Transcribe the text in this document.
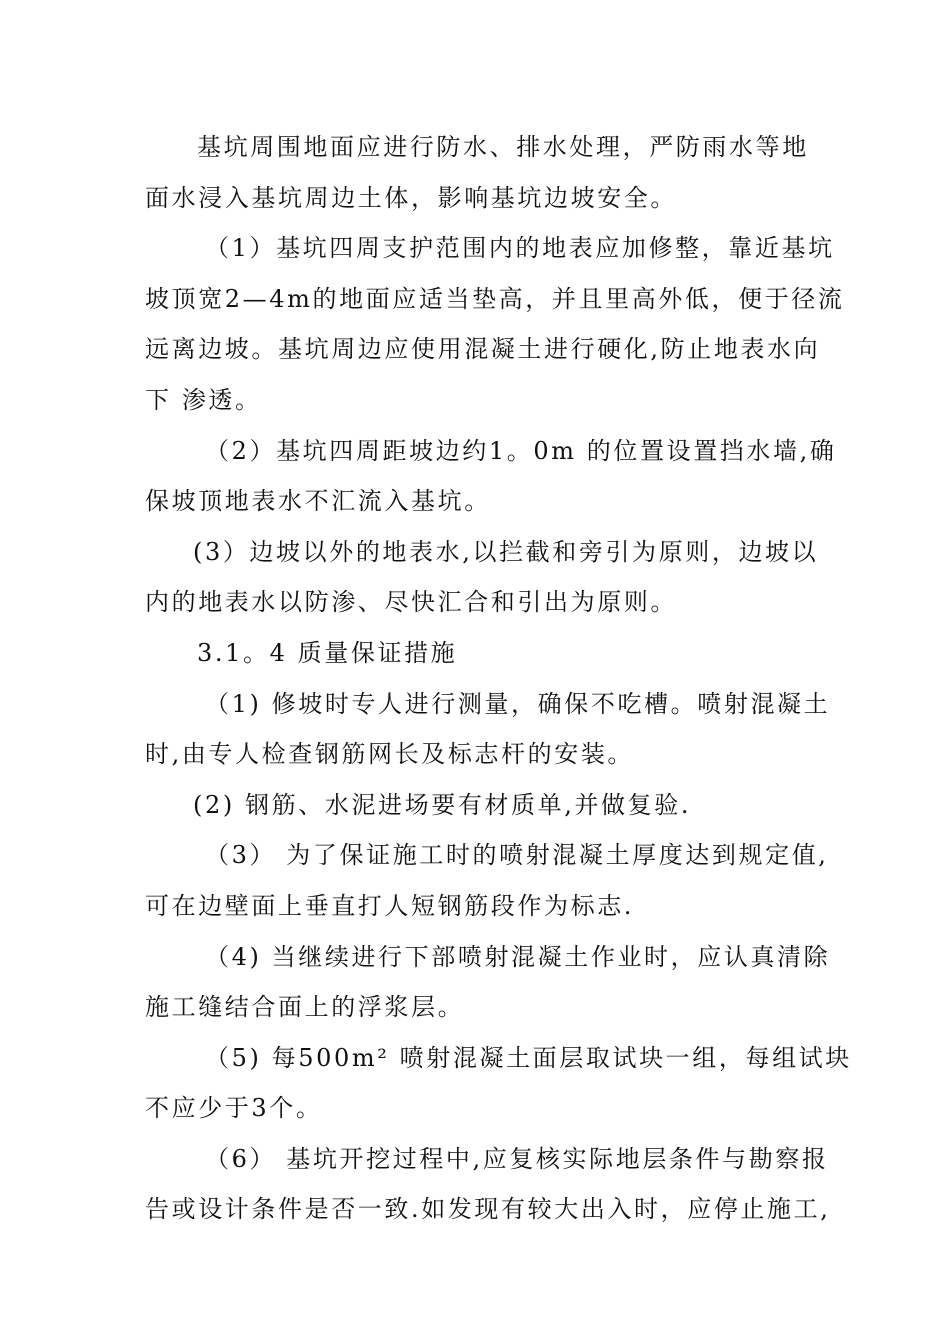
基坑周围地面应进行防水、排水处理，严防雨水等地
面水浸入基坑周边土体，影响基坑边坡安全。
（1）基坑四周支护范围内的地表应加修整，靠近基坑
坡顶宽2—4m的地面应适当垫高，并且里高外低，便于径流
远离边坡。基坑周边应使用混凝土进行硬化,防止地表水向
下 渗透。
（2）基坑四周距坡边约1。0m 的位置设置挡水墙,确
保坡顶地表水不汇流入基坑。
(3）边坡以外的地表水,以拦截和旁引为原则，边坡以
内的地表水以防渗、尽快汇合和引出为原则。
3.1。4 质量保证措施
（1) 修坡时专人进行测量，确保不吃槽。喷射混凝土
时,由专人检查钢筋网长及标志杆的安装。
(2) 钢筋、水泥进场要有材质单,并做复验.
（3） 为了保证施工时的喷射混凝土厚度达到规定值,
可在边壁面上垂直打人短钢筋段作为标志.
（4) 当继续进行下部喷射混凝土作业时，应认真清除
施工缝结合面上的浮浆层。
（5) 每500m² 喷射混凝土面层取试块一组，每组试块
不应少于3个。
（6） 基坑开挖过程中,应复核实际地层条件与勘察报
告或设计条件是否一致.如发现有较大出入时，应停止施工,
